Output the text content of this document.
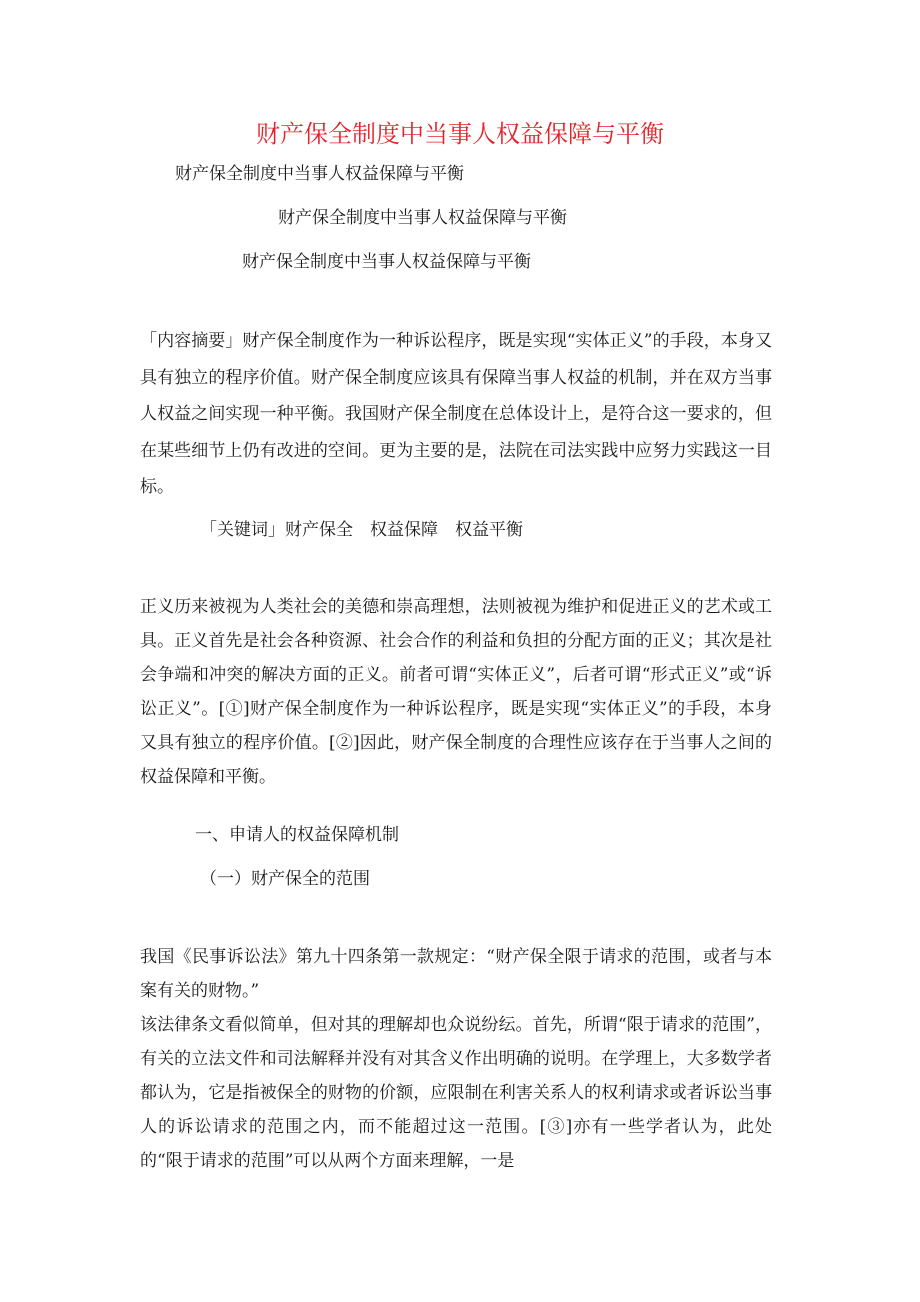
财产保全制度中当事人权益保障与平衡
财产保全制度中当事人权益保障与平衡
财产保全制度中当事人权益保障与平衡
财产保全制度中当事人权益保障与平衡
「内容摘要」财产保全制度作为一种诉讼程序，既是实现“实体正义”的手段，本身又具有独立的程序价值。财产保全制度应该具有保障当事人权益的机制，并在双方当事人权益之间实现一种平衡。我国财产保全制度在总体设计上，是符合这一要求的，但在某些细节上仍有改进的空间。更为主要的是，法院在司法实践中应努力实践这一目标。
「关键词」财产保全　权益保障　权益平衡
正义历来被视为人类社会的美德和崇高理想，法则被视为维护和促进正义的艺术或工具。正义首先是社会各种资源、社会合作的利益和负担的分配方面的正义；其次是社会争端和冲突的解决方面的正义。前者可谓“实体正义”，后者可谓“形式正义”或“诉讼正义”。[①]财产保全制度作为一种诉讼程序，既是实现“实体正义”的手段，本身又具有独立的程序价值。[②]因此，财产保全制度的合理性应该存在于当事人之间的权益保障和平衡。
一、申请人的权益保障机制
（一）财产保全的范围
我国《民事诉讼法》第九十四条第一款规定：“财产保全限于请求的范围，或者与本案有关的财物。”
该法律条文看似简单，但对其的理解却也众说纷纭。首先，所谓“限于请求的范围”，有关的立法文件和司法解释并没有对其含义作出明确的说明。在学理上，大多数学者都认为，它是指被保全的财物的价额，应限制在利害关系人的权利请求或者诉讼当事人的诉讼请求的范围之内，而不能超过这一范围。[③]亦有一些学者认为，此处的“限于请求的范围”可以从两个方面来理解，一是
